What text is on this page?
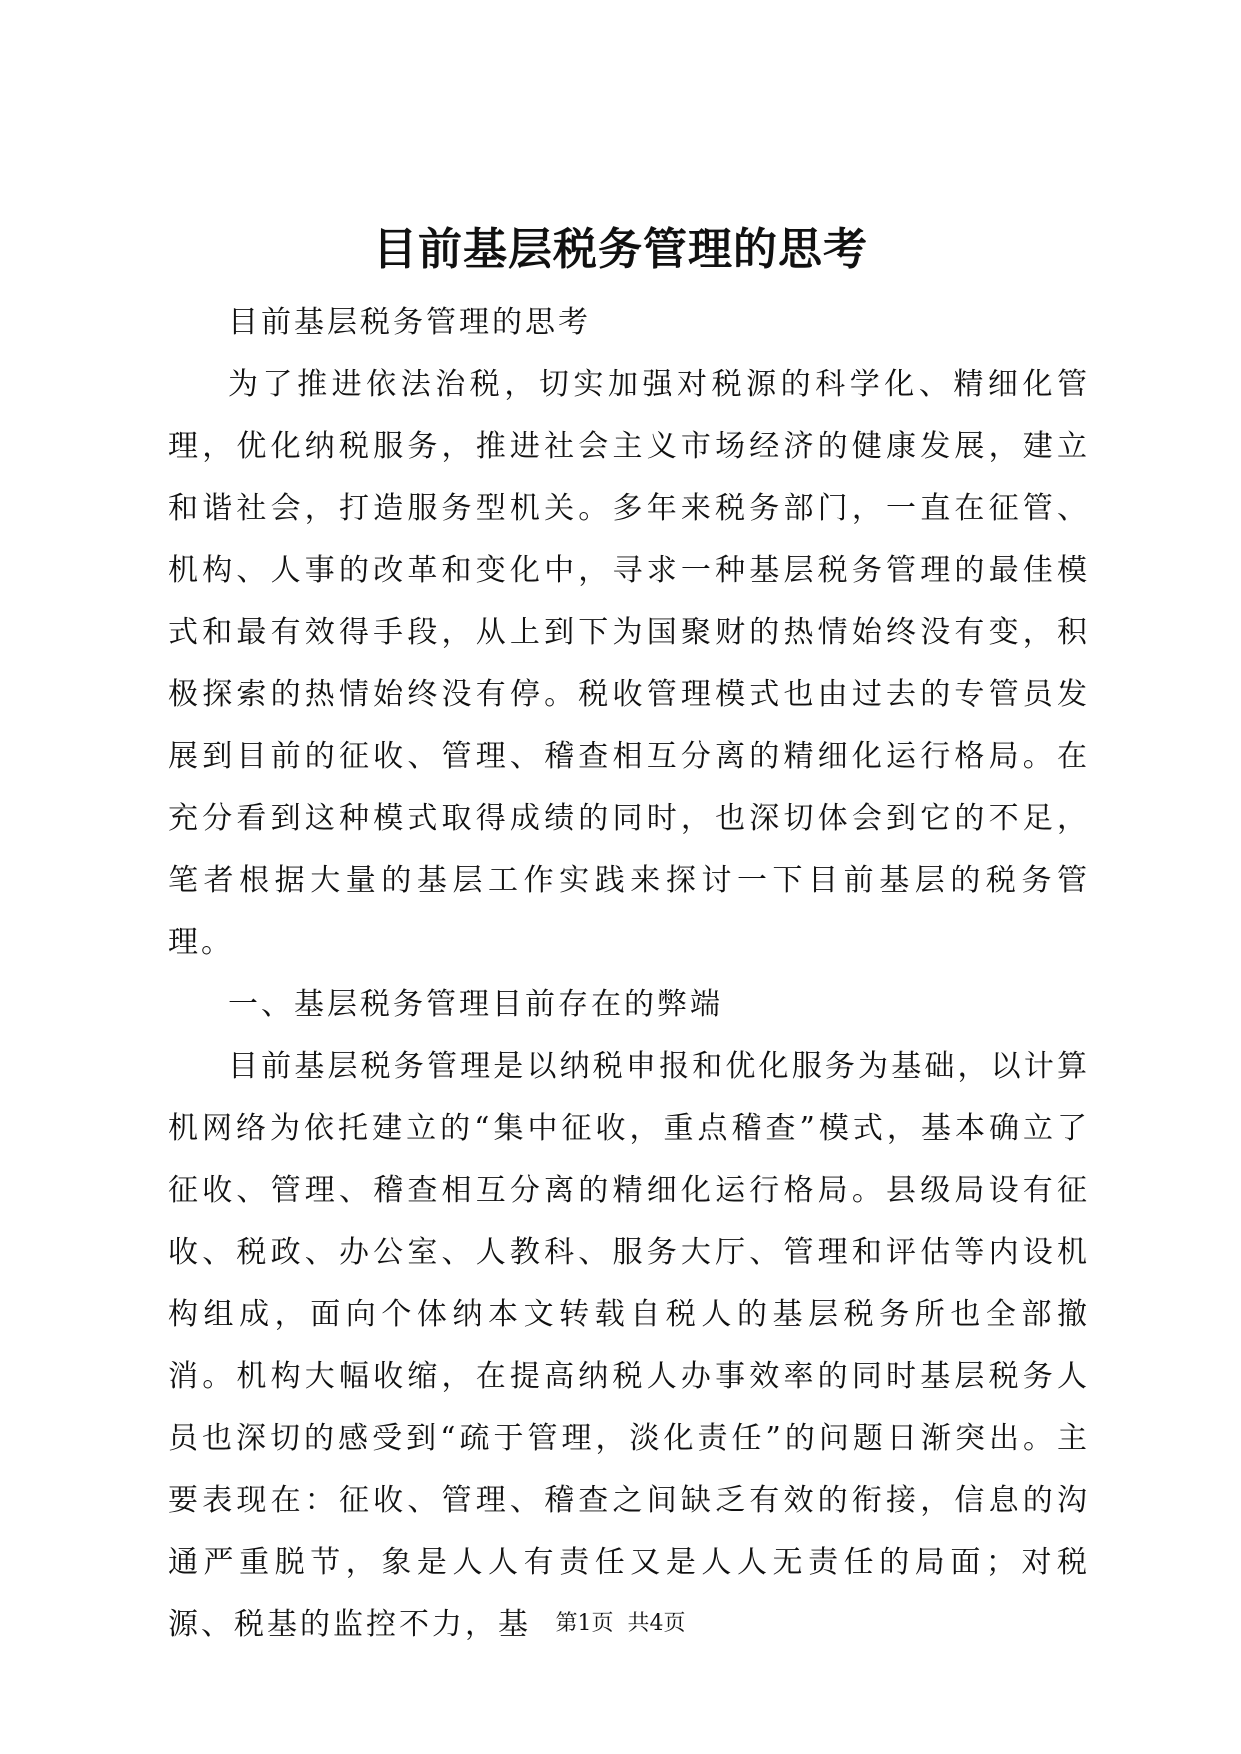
目前基层税务管理的思考

目前基层税务管理的思考

为了推进依法治税，切实加强对税源的科学化、精细化管理，优化纳税服务，推进社会主义市场经济的健康发展，建立和谐社会，打造服务型机关。多年来税务部门，一直在征管、机构、人事的改革和变化中，寻求一种基层税务管理的最佳模式和最有效得手段，从上到下为国聚财的热情始终没有变，积极探索的热情始终没有停。税收管理模式也由过去的专管员发展到目前的征收、管理、稽查相互分离的精细化运行格局。在充分看到这种模式取得成绩的同时，也深切体会到它的不足，笔者根据大量的基层工作实践来探讨一下目前基层的税务管理。

一、基层税务管理目前存在的弊端

目前基层税务管理是以纳税申报和优化服务为基础，以计算机网络为依托建立的“集中征收，重点稽查”模式，基本确立了征收、管理、稽查相互分离的精细化运行格局。县级局设有征收、税政、办公室、人教科、服务大厅、管理和评估等内设机构组成，面向个体纳本文转载自税人的基层税务所也全部撤消。机构大幅收缩，在提高纳税人办事效率的同时基层税务人员也深切的感受到“疏于管理，淡化责任”的问题日渐突出。主要表现在：征收、管理、稽查之间缺乏有效的衔接，信息的沟通严重脱节，象是人人有责任又是人人无责任的局面；对税源、税基的监控不力，基	第1页  共4页
